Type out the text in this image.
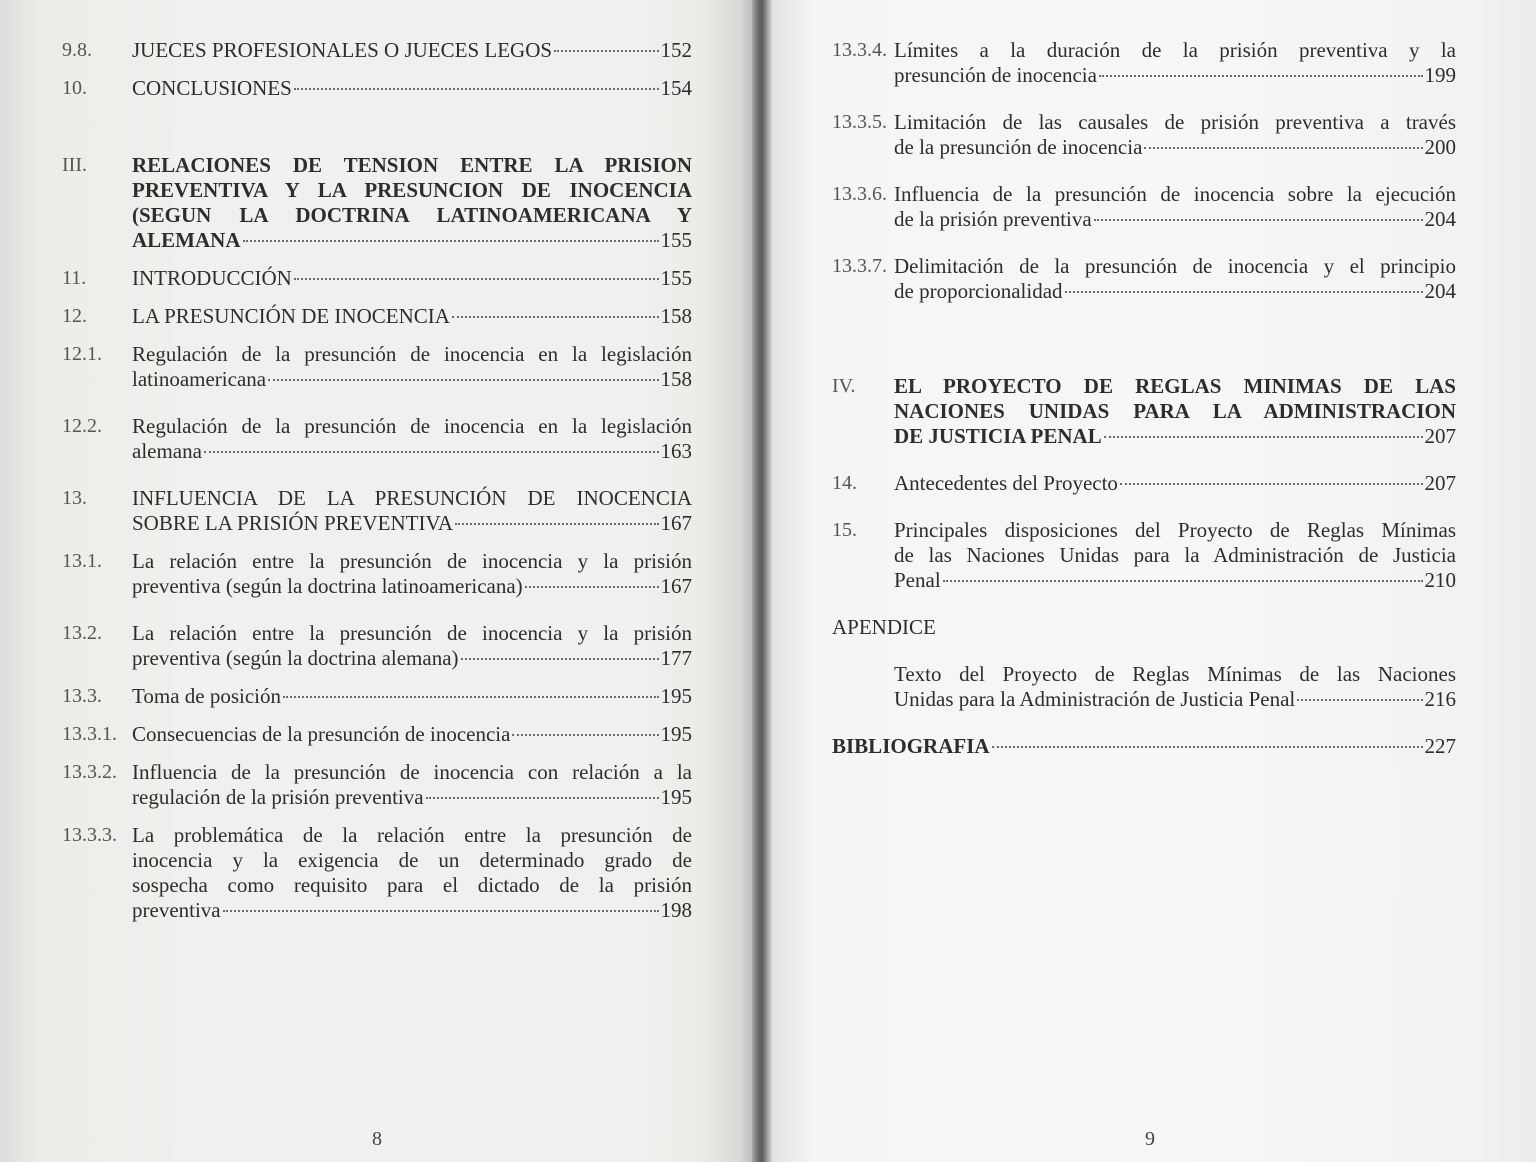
9.8.	JUECES PROFESIONALES O JUECES LEGOS	152
10.	CONCLUSIONES	154
III.	RELACIONES DE TENSION ENTRE LA PRISION
PREVENTIVA Y LA PRESUNCION DE INOCENCIA
(SEGUN LA DOCTRINA LATINOAMERICANA Y
ALEMANA	155
11.	INTRODUCCIÓN	155
12.	LA PRESUNCIÓN DE INOCENCIA	158
12.1.	Regulación de la presunción de inocencia en la legislación
latinoamericana	158
12.2.	Regulación de la presunción de inocencia en la legislación
alemana	163
13.	INFLUENCIA DE LA PRESUNCIÓN DE INOCENCIA
SOBRE LA PRISIÓN PREVENTIVA	167
13.1.	La relación entre la presunción de inocencia y la prisión
preventiva (según la doctrina latinoamericana)	167
13.2.	La relación entre la presunción de inocencia y la prisión
preventiva (según la doctrina alemana)	177
13.3.	Toma de posición	195
13.3.1. Consecuencias de la presunción de inocencia	195
13.3.2. Influencia de la presunción de inocencia con relación a la
regulación de la prisión preventiva	195
13.3.3. La problemática de la relación entre la presunción de
inocencia y la exigencia de un determinado grado de
sospecha como requisito para el dictado de la prisión
preventiva	198
8
13.3.4. Límites a la duración de la prisión preventiva y la
presunción de inocencia	199
13.3.5. Limitación de las causales de prisión preventiva a través
de la presunción de inocencia	200
13.3.6. Influencia de la presunción de inocencia sobre la ejecución
de la prisión preventiva	204
13.3.7. Delimitación de la presunción de inocencia y el principio
de proporcionalidad	204
IV.	EL PROYECTO DE REGLAS MINIMAS DE LAS
NACIONES UNIDAS PARA LA ADMINISTRACION
DE JUSTICIA PENAL	207
14.	Antecedentes del Proyecto	207
15.	Principales disposiciones del Proyecto de Reglas Mínimas
de las Naciones Unidas para la Administración de Justicia
Penal	210
APENDICE
Texto del Proyecto de Reglas Mínimas de las Naciones
Unidas para la Administración de Justicia Penal	216
BIBLIOGRAFIA	227
9
